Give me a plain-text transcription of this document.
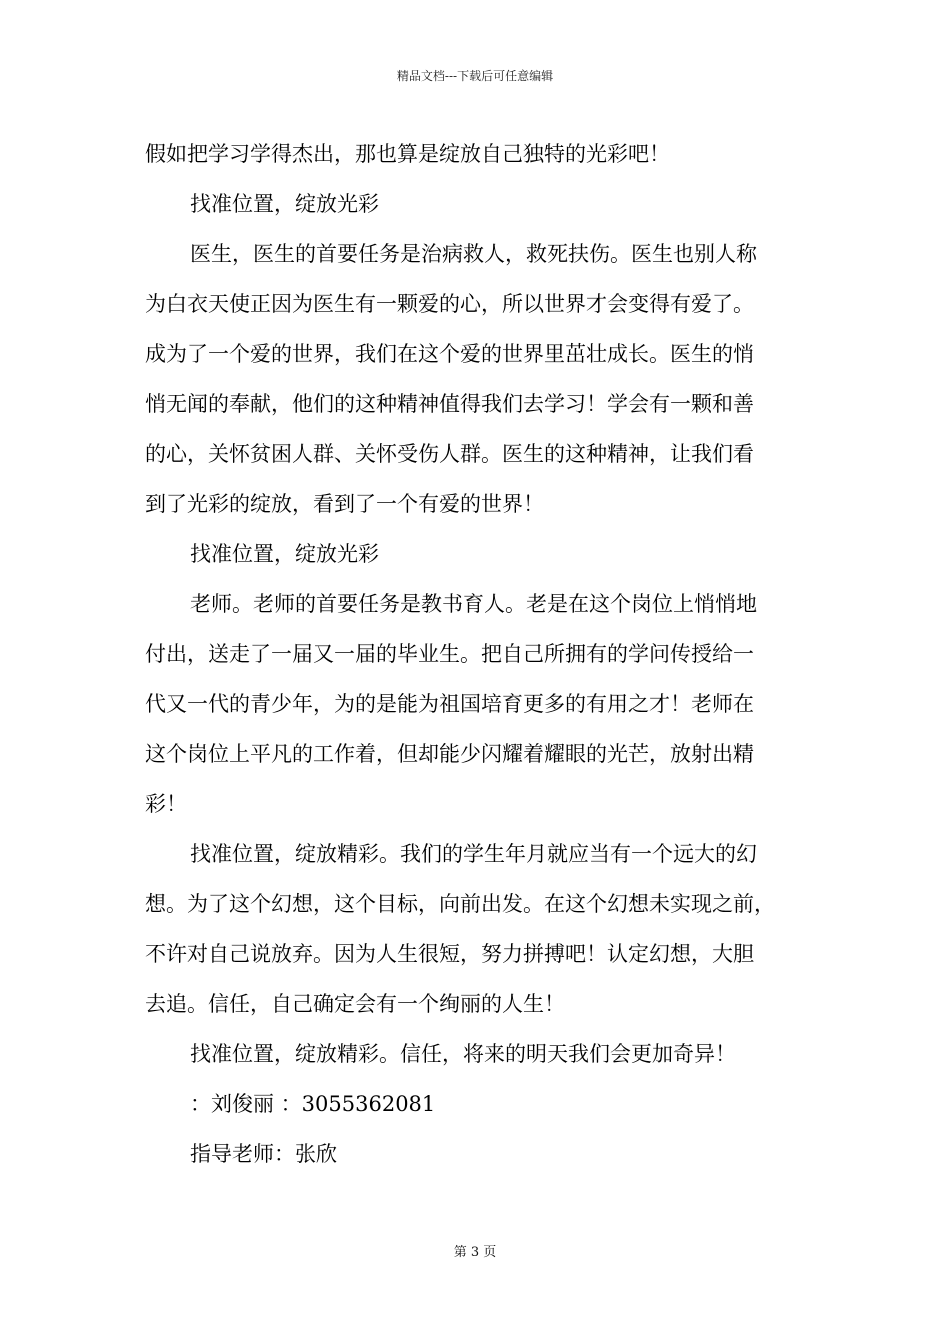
精品文档---下载后可任意编辑

假如把学习学得杰出，那也算是绽放自己独特的光彩吧！

找准位置，绽放光彩

医生，医生的首要任务是治病救人，救死扶伤。医生也别人称
为白衣天使正因为医生有一颗爱的心，所以世界才会变得有爱了。
成为了一个爱的世界，我们在这个爱的世界里茁壮成长。医生的悄
悄无闻的奉献，他们的这种精神值得我们去学习！学会有一颗和善
的心，关怀贫困人群、关怀受伤人群。医生的这种精神，让我们看
到了光彩的绽放，看到了一个有爱的世界！

找准位置，绽放光彩

老师。老师的首要任务是教书育人。老是在这个岗位上悄悄地
付出，送走了一届又一届的毕业生。把自己所拥有的学问传授给一
代又一代的青少年，为的是能为祖国培育更多的有用之才！老师在
这个岗位上平凡的工作着，但却能少闪耀着耀眼的光芒，放射出精
彩！

找准位置，绽放精彩。我们的学生年月就应当有一个远大的幻
想。为了这个幻想，这个目标，向前出发。在这个幻想未实现之前，
不许对自己说放弃。因为人生很短，努力拼搏吧！认定幻想，大胆
去追。信任，自己确定会有一个绚丽的人生！

找准位置，绽放精彩。信任，将来的明天我们会更加奇异！

：刘俊丽 ：3055362081

指导老师：张欣

第 3 页
